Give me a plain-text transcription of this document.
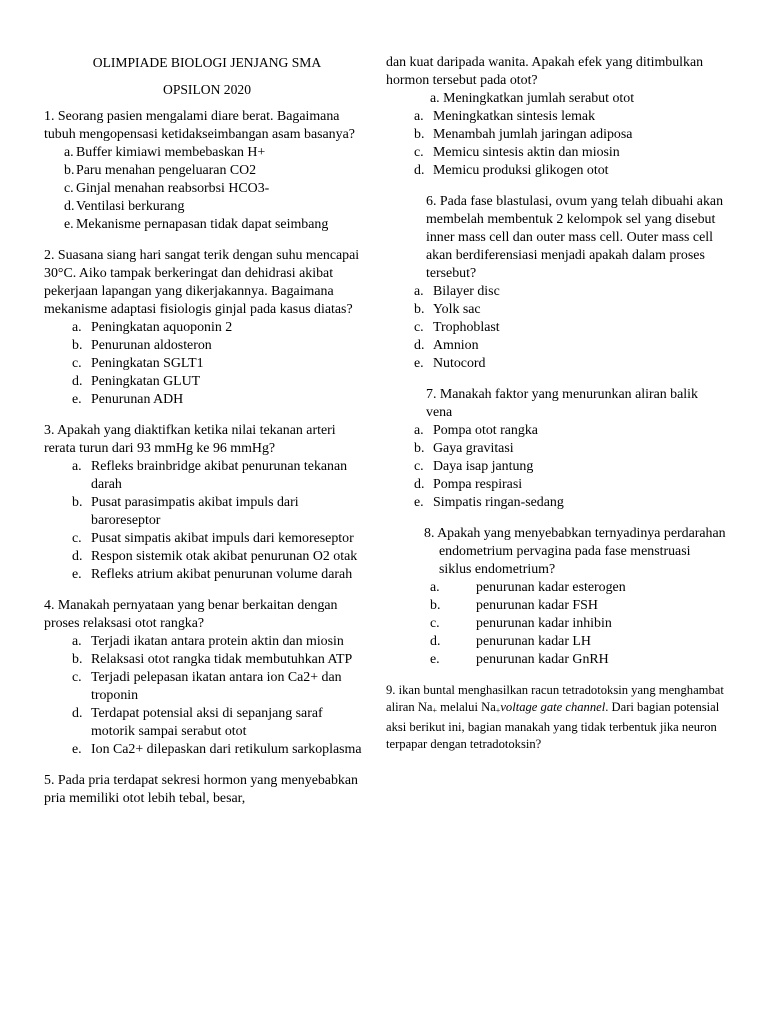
OLIMPIADE BIOLOGI JENJANG SMA
OPSILON 2020

1. Seorang pasien mengalami diare berat. Bagaimana tubuh mengopensasi ketidakseimbangan asam basanya?

a. Buffer kimiawi membebaskan H+
b. Paru menahan pengeluaran CO2
c. Ginjal menahan reabsorbsi HCO3-
d. Ventilasi berkurang
e. Mekanisme pernapasan tidak dapat seimbang

2. Suasana siang hari sangat terik dengan suhu mencapai 30°C. Aiko tampak berkeringat dan dehidrasi akibat pekerjaan lapangan yang dikerjakannya. Bagaimana mekanisme adaptasi fisiologis ginjal pada kasus diatas?

a. Peningkatan aquoponin 2
b. Penurunan aldosteron
c. Peningkatan SGLT1
d. Peningkatan GLUT
e. Penurunan ADH

3. Apakah yang diaktifkan ketika nilai tekanan arteri rerata turun dari 93 mmHg ke 96 mmHg?

a. Refleks brainbridge akibat penurunan tekanan darah
b. Pusat parasimpatis akibat impuls dari baroreseptor
c. Pusat simpatis akibat impuls dari kemoreseptor
d. Respon sistemik otak akibat penurunan O2 otak
e. Refleks atrium akibat penurunan volume darah

4. Manakah pernyataan yang benar berkaitan dengan proses relaksasi otot rangka?

a. Terjadi ikatan antara protein aktin dan miosin
b. Relaksasi otot rangka tidak membutuhkan ATP
c. Terjadi pelepasan ikatan antara ion Ca2+ dan troponin
d. Terdapat potensial aksi di sepanjang saraf motorik sampai serabut otot
e. Ion Ca2+ dilepaskan dari retikulum sarkoplasma

5. Pada pria terdapat sekresi hormon yang menyebabkan pria memiliki otot lebih tebal, besar,

dan kuat daripada wanita. Apakah efek yang ditimbulkan hormon tersebut pada otot?

a. Meningkatkan jumlah serabut otot
a. Meningkatkan sintesis lemak
b. Menambah jumlah jaringan adiposa
c. Memicu sintesis aktin dan miosin
d. Memicu produksi glikogen otot

6. Pada fase blastulasi, ovum yang telah dibuahi akan membelah membentuk 2 kelompok sel yang disebut inner mass cell dan outer mass cell. Outer mass cell akan berdiferensiasi menjadi apakah dalam proses tersebut?

a. Bilayer disc
b. Yolk sac
c. Trophoblast
d. Amnion
e. Nutocord

7. Manakah faktor yang menurunkan aliran balik vena

a. Pompa otot rangka
b. Gaya gravitasi
c. Daya isap jantung
d. Pompa respirasi
e. Simpatis ringan-sedang

8. Apakah yang menyebabkan ternyadinya perdarahan endometrium pervagina pada fase menstruasi siklus endometrium?

a.	penurunan kadar esterogen
b.	penurunan kadar FSH
c.	penurunan kadar inhibin
d.	penurunan kadar LH
e.	penurunan kadar GnRH

9. ikan buntal menghasilkan racun tetradotoksin yang menghambat aliran $Na_+$ melalui $Na_+voltage$ gate channel. Dari bagian potensial aksi berikut ini, bagian manakah yang tidak terbentuk jika neuron terpapar dengan tetradotoksin?
